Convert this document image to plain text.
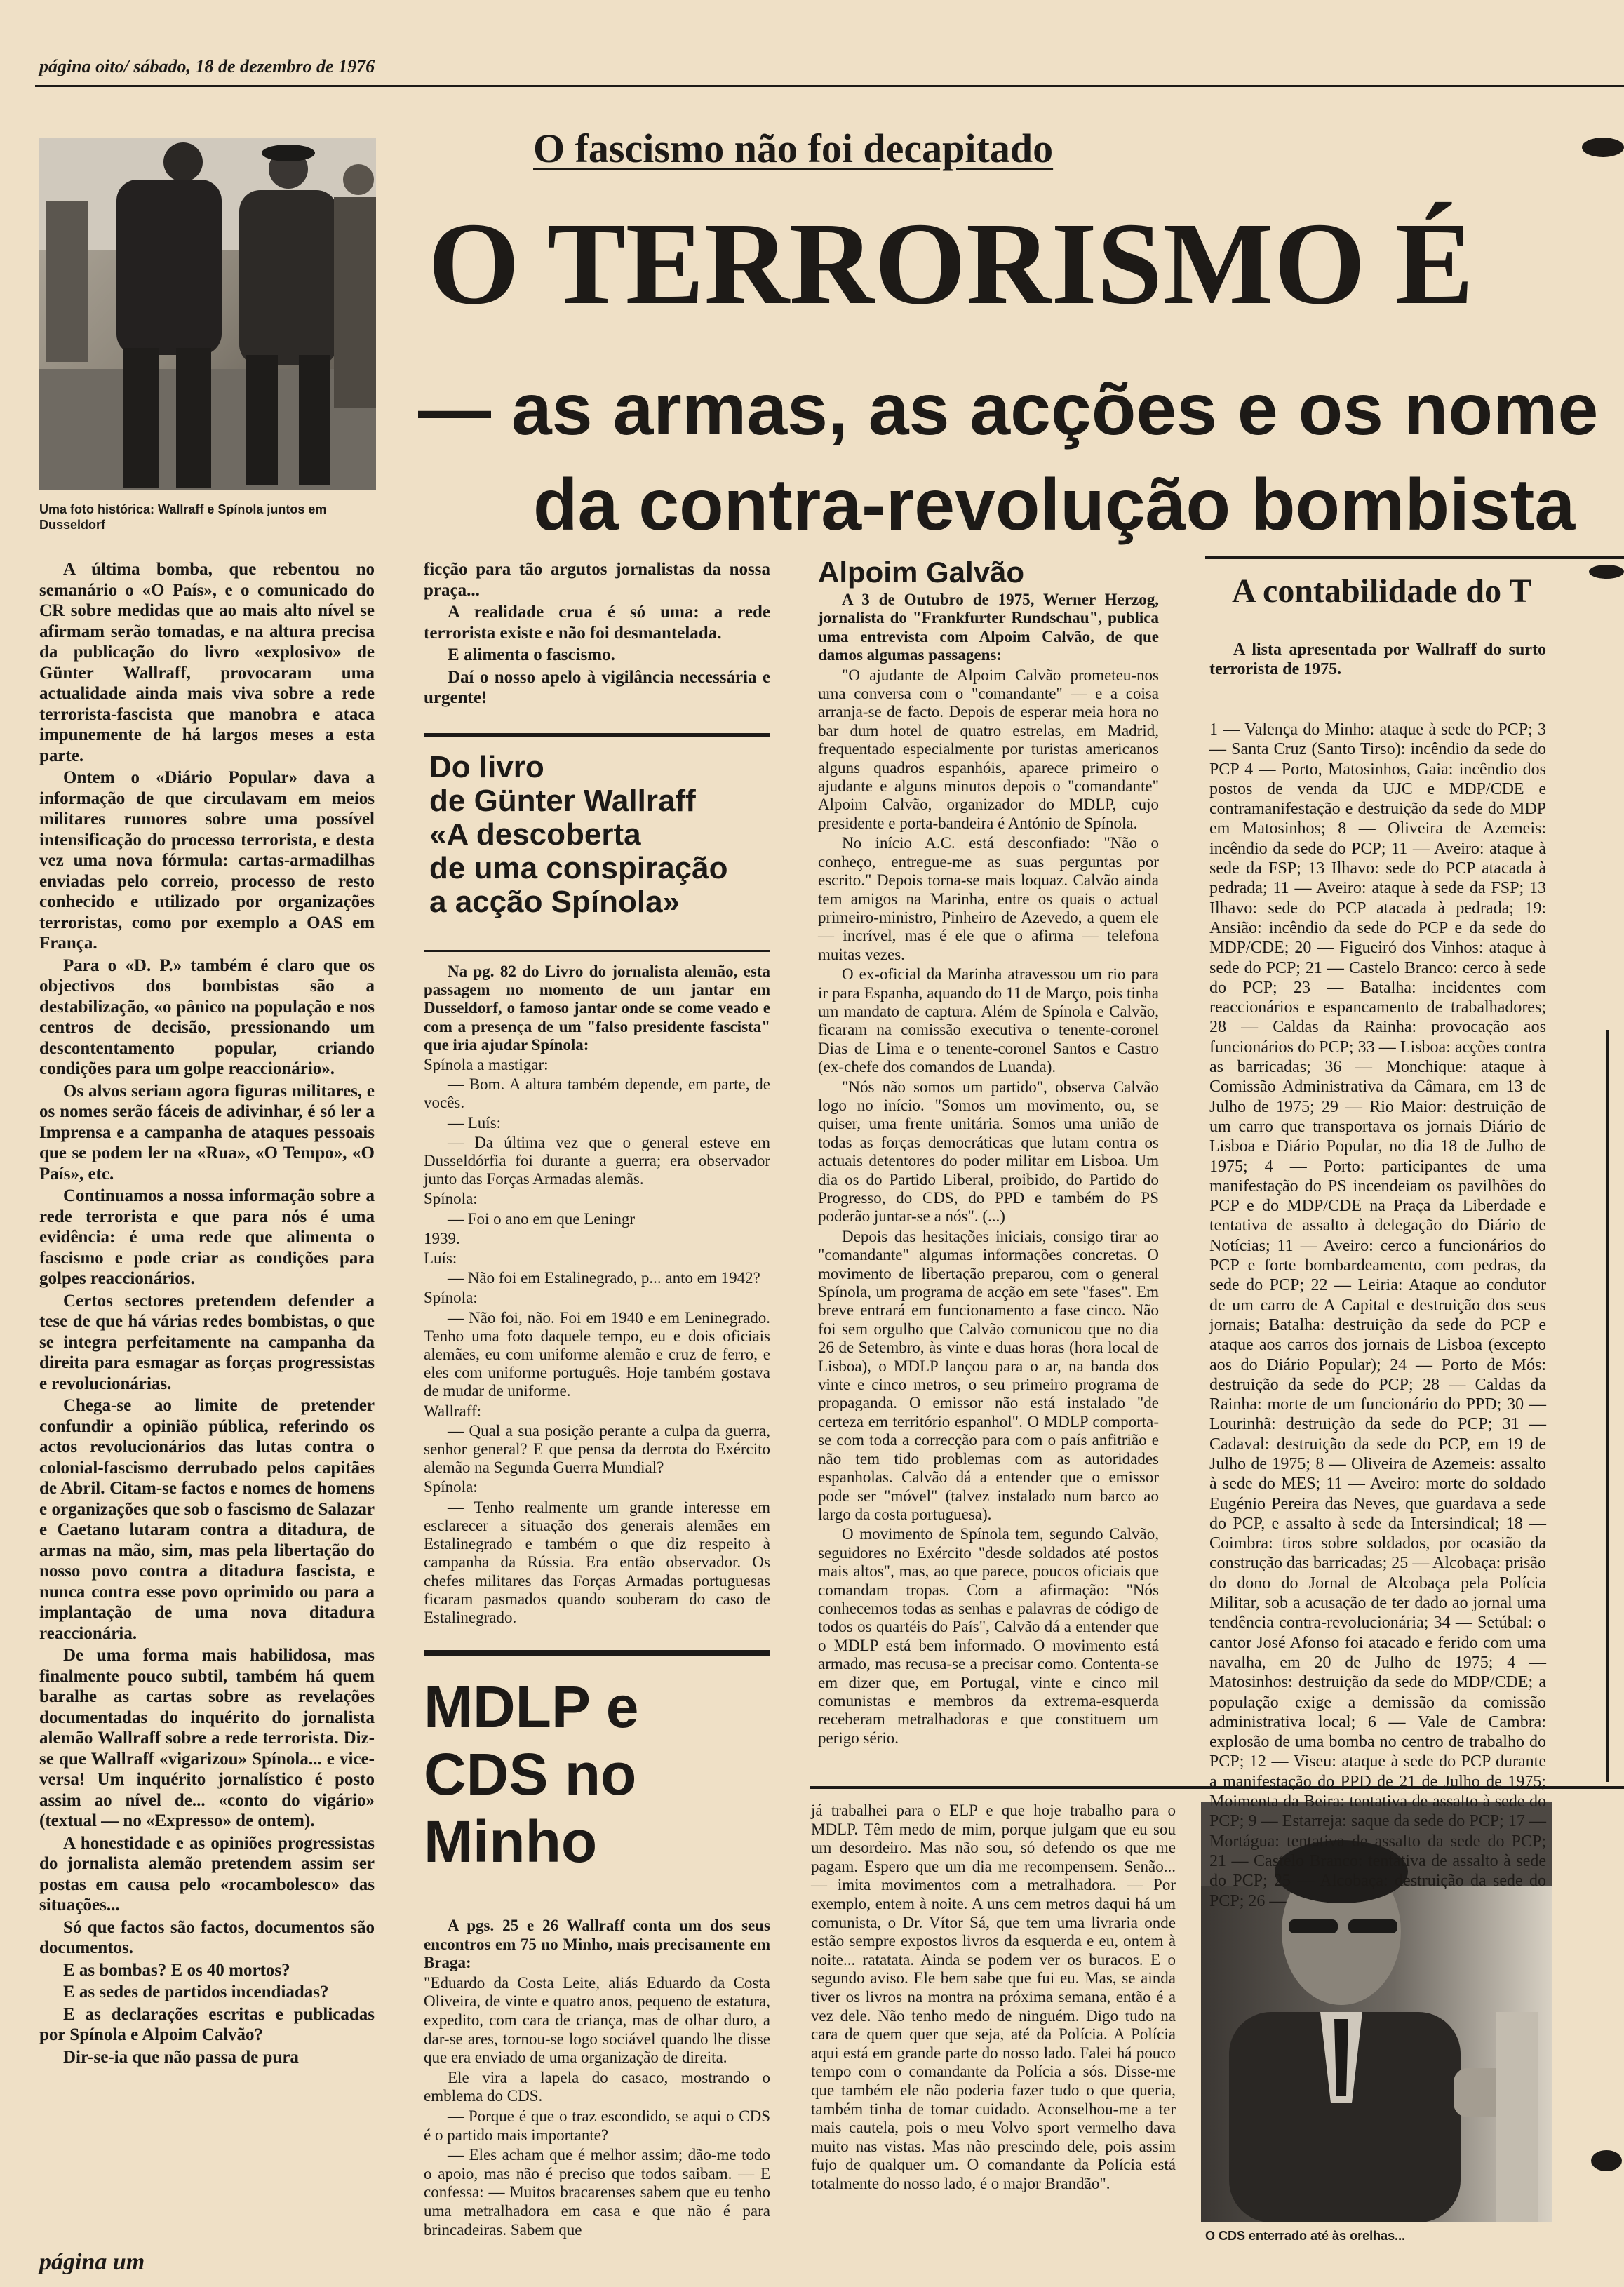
página oito/ sábado, 18 de dezembro de 1976
Uma foto histórica: Wallraff e Spínola juntos em Dusseldorf
O fascismo não foi decapitado
O TERRORISMO É
— as armas, as acções e os nome
da contra-revolução bombista

A última bomba, que rebentou no semanário o «O País», e o comunicado do CR sobre medidas que ao mais alto nível se afirmam serão tomadas, e na altura precisa da publicação do livro «explosivo» de Günter Wallraff, provocaram uma actualidade ainda mais viva sobre a rede terrorista-fascista que manobra e ataca impunemente de há largos meses a esta parte.

Ontem o «Diário Popular» dava a informação de que circulavam em meios militares rumores sobre uma possível intensificação do processo terrorista, e desta vez uma nova fórmula: cartas-armadilhas enviadas pelo correio, processo de resto conhecido e utilizado por organizações terroristas, como por exemplo a OAS em França.

Para o «D. P.» também é claro que os objectivos dos bombistas são a destabilização, «o pânico na população e nos centros de decisão, pressionando um descontentamento popular, criando condições para um golpe reaccionário».

Os alvos seriam agora figuras militares, e os nomes serão fáceis de adivinhar, é só ler a Imprensa e a campanha de ataques pessoais que se podem ler na «Rua», «O Tempo», «O País», etc.

Continuamos a nossa informação sobre a rede terrorista e que para nós é uma evidência: é uma rede que alimenta o fascismo e pode criar as condições para golpes reaccionários.

Certos sectores pretendem defender a tese de que há várias redes bombistas, o que se integra perfeitamente na campanha da direita para esmagar as forças progressistas e revolucionárias.

Chega-se ao limite de pretender confundir a opinião pública, referindo os actos revolucionários das lutas contra o colonial-fascismo derrubado pelos capitães de Abril. Citam-se factos e nomes de homens e organizações que sob o fascismo de Salazar e Caetano lutaram contra a ditadura, de armas na mão, sim, mas pela libertação do nosso povo contra a ditadura fascista, e nunca contra esse povo oprimido ou para a implantação de uma nova ditadura reaccionária.

De uma forma mais habilidosa, mas finalmente pouco subtil, também há quem baralhe as cartas sobre as revelações documentadas do inquérito do jornalista alemão Wallraff sobre a rede terrorista. Diz-se que Wallraff «vigarizou» Spínola... e vice-versa! Um inquérito jornalístico é posto assim ao nível de... «conto do vigário» (textual — no «Expresso» de ontem).

A honestidade e as opiniões progressistas do jornalista alemão pretendem assim ser postas em causa pelo «rocambolesco» das situações...

Só que factos são factos, documentos são documentos.

E as bombas? E os 40 mortos?

E as sedes de partidos incendiadas?

E as declarações escritas e publicadas por Spínola e Alpoim Calvão?

Dir-se-ia que não passa de pura

página um

ficção para tão argutos jornalistas da nossa praça...

A realidade crua é só uma: a rede terrorista existe e não foi desmantelada.

E alimenta o fascismo.

Daí o nosso apelo à vigilância necessária e urgente!

Do livro
de Günter Wallraff
«A descoberta
de uma conspiração
a acção Spínola»

Na pg. 82 do Livro do jornalista alemão, esta passagem no momento de um jantar em Dusseldorf, o famoso jantar onde se come veado e com a presença de um "falso presidente fascista" que iria ajudar Spínola:

Spínola a mastigar:

— Bom. A altura também depende, em parte, de vocês.

— Luís:

— Da última vez que o general esteve em Dusseldórfia foi durante a guerra; era observador junto das Forças Armadas alemãs.

Spínola:

— Foi o ano em que Leningr

1939.

Luís:

— Não foi em Estalinegrado, p... anto em 1942?

Spínola:

— Não foi, não. Foi em 1940 e em Leninegrado. Tenho uma foto daquele tempo, eu e dois oficiais alemães, eu com uniforme alemão e cruz de ferro, e eles com uniforme português. Hoje também gostava de mudar de uniforme.

Wallraff:

— Qual a sua posição perante a culpa da guerra, senhor general? E que pensa da derrota do Exército alemão na Segunda Guerra Mundial?

Spínola:

— Tenho realmente um grande interesse em esclarecer a situação dos generais alemães em Estalinegrado e também o que diz respeito à campanha da Rússia. Era então observador. Os chefes militares das Forças Armadas portuguesas ficaram pasmados quando souberam do caso de Estalinegrado.

MDLP e
CDS no
Minho

A pgs. 25 e 26 Wallraff conta um dos seus encontros em 75 no Minho, mais precisamente em Braga:

"Eduardo da Costa Leite, aliás Eduardo da Costa Oliveira, de vinte e quatro anos, pequeno de estatura, expedito, com cara de criança, mas de olhar duro, a dar-se ares, tornou-se logo sociável quando lhe disse que era enviado de uma organização de direita.

Ele vira a lapela do casaco, mostrando o emblema do CDS.

— Porque é que o traz escondido, se aqui o CDS é o partido mais importante?

— Eles acham que é melhor assim; dão-me todo o apoio, mas não é preciso que todos saibam. — E confessa: — Muitos bracarenses sabem que eu tenho uma metralhadora em casa e que não é para brincadeiras. Sabem que

Alpoim Galvão

A 3 de Outubro de 1975, Werner Herzog, jornalista do "Frankfurter Rundschau", publica uma entrevista com Alpoim Calvão, de que damos algumas passagens:

"O ajudante de Alpoim Calvão prometeu-nos uma conversa com o "comandante" — e a coisa arranja-se de facto. Depois de esperar meia hora no bar dum hotel de quatro estrelas, em Madrid, frequentado especialmente por turistas americanos alguns quadros espanhóis, aparece primeiro o ajudante e alguns minutos depois o "comandante" Alpoim Calvão, organizador do MDLP, cujo presidente e porta-bandeira é António de Spínola.

No início A.C. está desconfiado: "Não o conheço, entregue-me as suas perguntas por escrito." Depois torna-se mais loquaz. Calvão ainda tem amigos na Marinha, entre os quais o actual primeiro-ministro, Pinheiro de Azevedo, a quem ele — incrível, mas é ele que o afirma — telefona muitas vezes.

O ex-oficial da Marinha atravessou um rio para ir para Espanha, aquando do 11 de Março, pois tinha um mandato de captura. Além de Spínola e Calvão, ficaram na comissão executiva o tenente-coronel Dias de Lima e o tenente-coronel Santos e Castro (ex-chefe dos comandos de Luanda).

"Nós não somos um partido", observa Calvão logo no início. "Somos um movimento, ou, se quiser, uma frente unitária. Somos uma união de todas as forças democráticas que lutam contra os actuais detentores do poder militar em Lisboa. Um dia os do Partido Liberal, proibido, do Partido do Progresso, do CDS, do PPD e também do PS poderão juntar-se a nós". (...)

Depois das hesitações iniciais, consigo tirar ao "comandante" algumas informações concretas. O movimento de libertação preparou, com o general Spínola, um programa de acção em sete "fases". Em breve entrará em funcionamento a fase cinco. Não foi sem orgulho que Calvão comunicou que no dia 26 de Setembro, às vinte e duas horas (hora local de Lisboa), o MDLP lançou para o ar, na banda dos vinte e cinco metros, o seu primeiro programa de propaganda. O emissor não está instalado "de certeza em território espanhol". O MDLP comporta-se com toda a correcção para com o país anfitrião e não tem tido problemas com as autoridades espanholas. Calvão dá a entender que o emissor pode ser "móvel" (talvez instalado num barco ao largo da costa portuguesa).

O movimento de Spínola tem, segundo Calvão, seguidores no Exército "desde soldados até postos mais altos", mas, ao que parece, poucos oficiais que comandam tropas. Com a afirmação: "Nós conhecemos todas as senhas e palavras de código de todos os quartéis do País", Calvão dá a entender que o MDLP está bem informado. O movimento está armado, mas recusa-se a precisar como. Contenta-se em dizer que, em Portugal, vinte e cinco mil comunistas e membros da extrema-esquerda receberam metralhadoras e que constituem um perigo sério.

já trabalhei para o ELP e que hoje trabalho para o MDLP. Têm medo de mim, porque julgam que eu sou um desordeiro. Mas não sou, só defendo os que me pagam. Espero que um dia me recompensem. Senão... — imita movimentos com a metralhadora. — Por exemplo, entem à noite. A uns cem metros daqui há um comunista, o Dr. Vítor Sá, que tem uma livraria onde estão sempre expostos livros da esquerda e eu, ontem à noite... ratatata. Ainda se podem ver os buracos. E o segundo aviso. Ele bem sabe que fui eu. Mas, se ainda tiver os livros na montra na próxima semana, então é a vez dele. Não tenho medo de ninguém. Digo tudo na cara de quem quer que seja, até da Polícia. A Polícia aqui está em grande parte do nosso lado. Falei há pouco tempo com o comandante da Polícia a sós. Disse-me que também ele não poderia fazer tudo o que queria, também tinha de tomar cuidado. Aconselhou-me a ter mais cautela, pois o meu Volvo sport vermelho dava muito nas vistas. Mas não prescindo dele, pois assim fujo de qualquer um. O comandante da Polícia está totalmente do nosso lado, é o major Brandão".

O CDS enterrado até às orelhas...
A contabilidade do T

A lista apresentada por Wallraff do surto terrorista de 1975.

1 — Valença do Minho: ataque à sede do PCP; 3 — Santa Cruz (Santo Tirso): incêndio da sede do PCP 4 — Porto, Matosinhos, Gaia: incêndio dos postos de venda da UJC e MDP/CDE e contramanifestação e destruição da sede do MDP em Matosinhos; 8 — Oliveira de Azemeis: incêndio da sede do PCP; 11 — Aveiro: ataque à sede da FSP; 13 Ilhavo: sede do PCP atacada à pedrada; 11 — Aveiro: ataque à sede da FSP; 13 Ilhavo: sede do PCP atacada à pedrada; 19: Ansião: incêndio da sede do PCP e da sede do MDP/CDE; 20 — Figueiró dos Vinhos: ataque à sede do PCP; 21 — Castelo Branco: cerco à sede do PCP; 23 — Batalha: incidentes com reaccionários e espancamento de trabalhadores; 28 — Caldas da Rainha: provocação aos funcionários do PCP; 33 — Lisboa: acções contra as barricadas; 36 — Monchique: ataque à Comissão Administrativa da Câmara, em 13 de Julho de 1975; 29 — Rio Maior: destruição de um carro que transportava os jornais Diário de Lisboa e Diário Popular, no dia 18 de Julho de 1975; 4 — Porto: participantes de uma manifestação do PS incendeiam os pavilhões do PCP e do MDP/CDE na Praça da Liberdade e tentativa de assalto à delegação do Diário de Notícias; 11 — Aveiro: cerco a funcionários do PCP e forte bombardeamento, com pedras, da sede do PCP; 22 — Leiria: Ataque ao condutor de um carro de A Capital e destruição dos seus jornais; Batalha: destruição da sede do PCP e ataque aos carros dos jornais de Lisboa (excepto aos do Diário Popular); 24 — Porto de Mós: destruição da sede do PCP; 28 — Caldas da Rainha: morte de um funcionário do PPD; 30 — Lourinhã: destruição da sede do PCP; 31 — Cadaval: destruição da sede do PCP, em 19 de Julho de 1975; 8 — Oliveira de Azemeis: assalto à sede do MES; 11 — Aveiro: morte do soldado Eugénio Pereira das Neves, que guardava a sede do PCP, e assalto à sede da Intersindical; 18 — Coimbra: tiros sobre soldados, por ocasião da construção das barricadas; 25 — Alcobaça: prisão do dono do Jornal de Alcobaça pela Polícia Militar, sob a acusação de ter dado ao jornal uma tendência contra-revolucionária; 34 — Setúbal: o cantor José Afonso foi atacado e ferido com uma navalha, em 20 de Julho de 1975; 4 — Matosinhos: destruição da sede do MDP/CDE; a população exige a demissão da comissão administrativa local; 6 — Vale de Cambra: explosão de uma bomba no centro de trabalho do PCP; 12 — Viseu: ataque à sede do PCP durante a manifestação do PPD de 21 de Julho de 1975; Moimenta da Beira: tentativa de assalto à sede do PCP; 9 — Estarreja: saque da sede do PCP; 17 — Mortágua: tentativa de assalto da sede do PCP; 21 — Castelo Branco: tentativa de assalto à sede do PCP; 25 — Alcobaça: destruição da sede do PCP; 26 —
